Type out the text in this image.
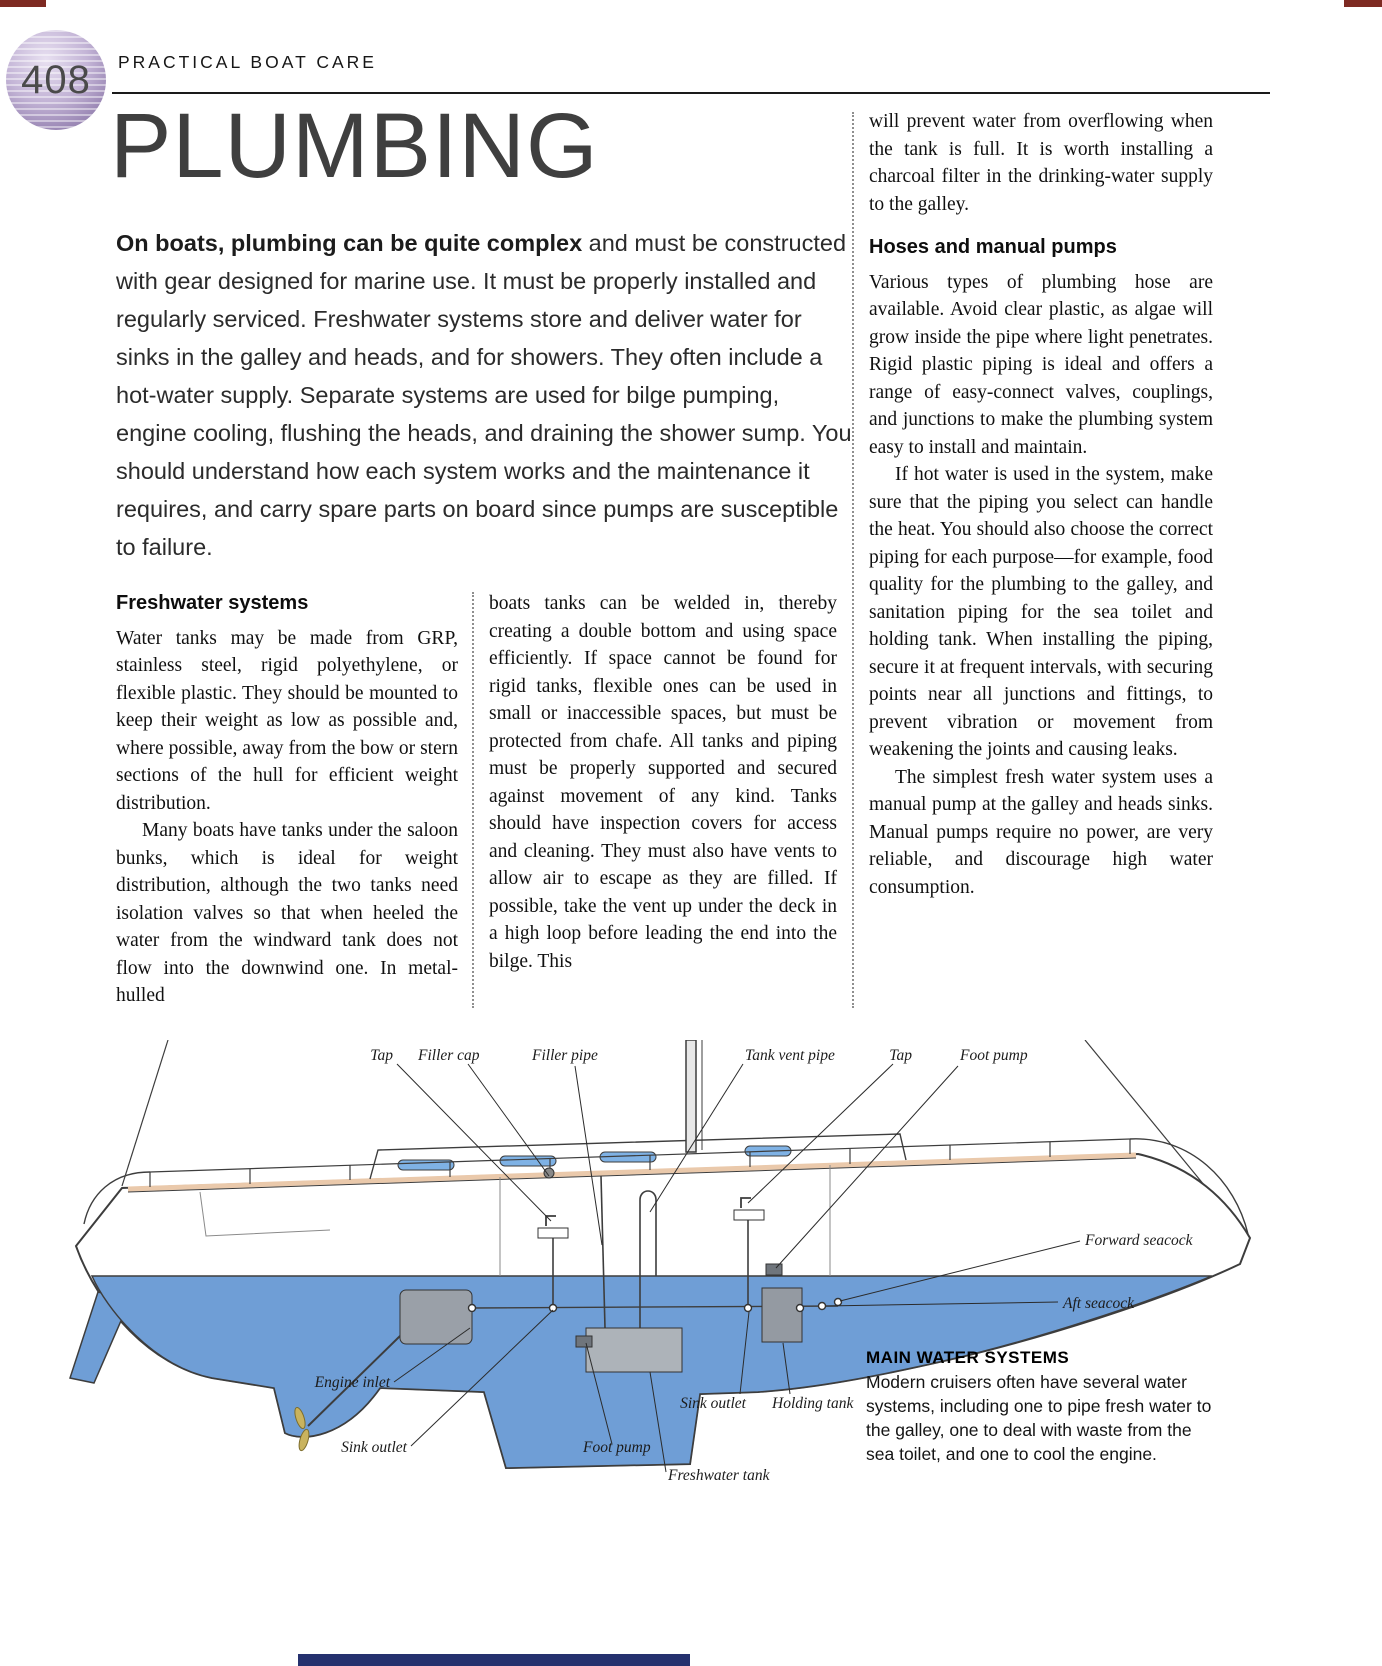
408 PRACTICAL BOAT CARE
PLUMBING

On boats, plumbing can be quite complex and must be constructed with gear designed for marine use. It must be properly installed and regularly serviced. Freshwater systems store and deliver water for sinks in the galley and heads, and for showers. They often include a hot-water supply. Separate systems are used for bilge pumping, engine cooling, flushing the heads, and draining the shower sump. You should understand how each system works and the maintenance it requires, and carry spare parts on board since pumps are susceptible to failure.

Freshwater systems

Water tanks may be made from GRP, stainless steel, rigid polyethylene, or flexible plastic. They should be mounted to keep their weight as low as possible and, where possible, away from the bow or stern sections of the hull for efficient weight distribution.

Many boats have tanks under the saloon bunks, which is ideal for weight distribution, although the two tanks need isolation valves so that when heeled the water from the windward tank does not flow into the downwind one. In metal-hulled

boats tanks can be welded in, thereby creating a double bottom and using space efficiently. If space cannot be found for rigid tanks, flexible ones can be used in small or inaccessible spaces, but must be protected from chafe. All tanks and piping must be properly supported and secured against movement of any kind. Tanks should have inspection covers for access and cleaning. They must also have vents to allow air to escape as they are filled. If possible, take the vent up under the deck in a high loop before leading the end into the bilge. This

will prevent water from overflowing when the tank is full. It is worth installing a charcoal filter in the drinking-water supply to the galley.

Hoses and manual pumps

Various types of plumbing hose are available. Avoid clear plastic, as algae will grow inside the pipe where light penetrates. Rigid plastic piping is ideal and offers a range of easy-connect valves, couplings, and junctions to make the plumbing system easy to install and maintain.

If hot water is used in the system, make sure that the piping you select can handle the heat. You should also choose the correct piping for each purpose—for example, food quality for the plumbing to the galley, and sanitation piping for the sea toilet and holding tank. When installing the piping, secure it at frequent intervals, with securing points near all junctions and fittings, to prevent vibration or movement from weakening the joints and causing leaks.

The simplest fresh water system uses a manual pump at the galley and heads sinks. Manual pumps require no power, are very reliable, and discourage high water consumption.

Tap Filler cap	Filler pipe	Tank vent pipe	Tap	Foot pump
Forward seacock
Aft seacock
Engine inlet
Sink outlet	Foot pump
Sink outlet Holding tank
Freshwater tank

MAIN WATER SYSTEMS

Modern cruisers often have several water systems, including one to pipe fresh water to the galley, one to deal with waste from the sea toilet, and one to cool the engine.
